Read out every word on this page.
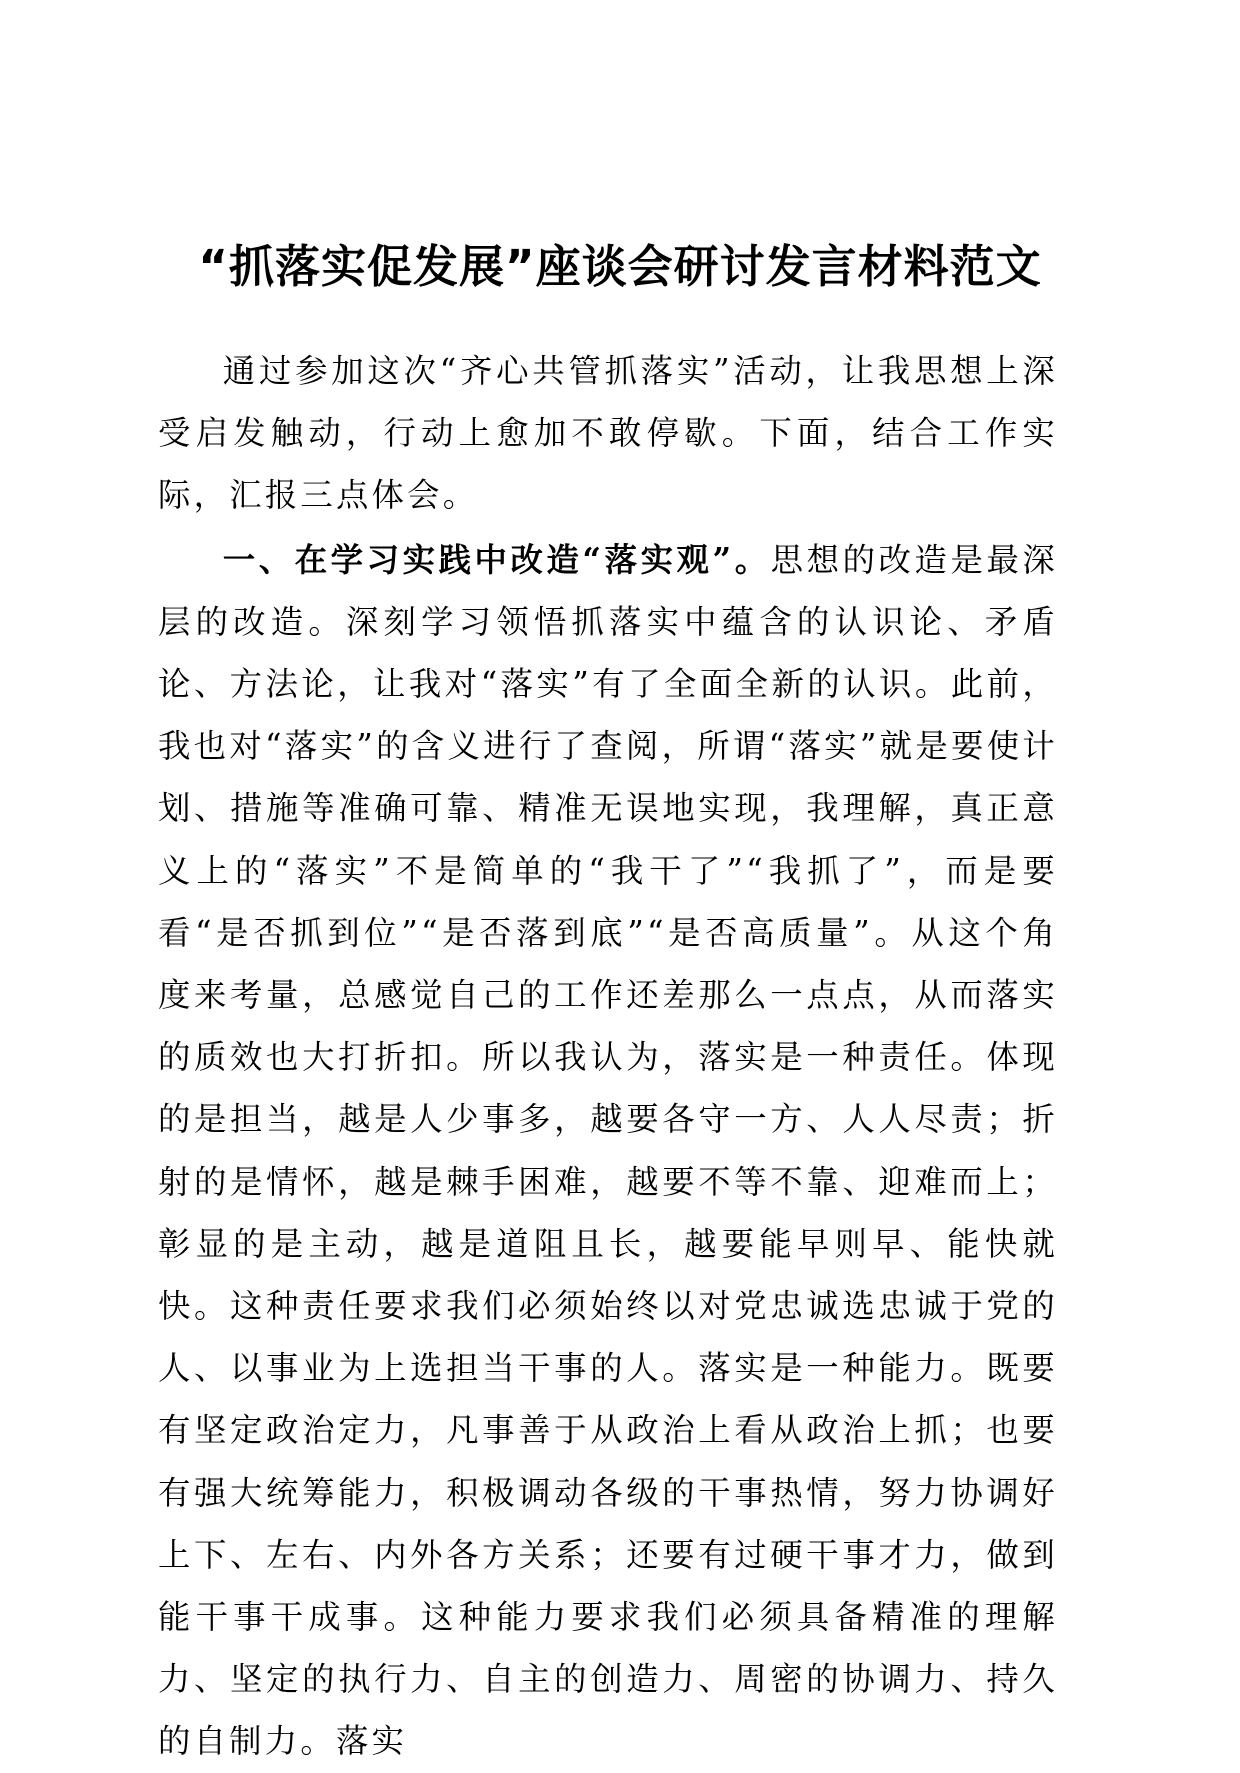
“抓落实促发展”座谈会研讨发言材料范文

通过参加这次“齐心共管抓落实”活动，让我思想上深受启发触动，行动上愈加不敢停歇。下面，结合工作实际，汇报三点体会。

一、在学习实践中改造“落实观”。思想的改造是最深层的改造。深刻学习领悟抓落实中蕴含的认识论、矛盾论、方法论，让我对“落实”有了全面全新的认识。此前，我也对“落实”的含义进行了查阅，所谓“落实”就是要使计划、措施等准确可靠、精准无误地实现，我理解，真正意义上的“落实”不是简单的“我干了”“我抓了”，而是要看“是否抓到位”“是否落到底”“是否高质量”。从这个角度来考量，总感觉自己的工作还差那么一点点，从而落实的质效也大打折扣。所以我认为，落实是一种责任。体现的是担当，越是人少事多，越要各守一方、人人尽责；折射的是情怀，越是棘手困难，越要不等不靠、迎难而上；彰显的是主动，越是道阻且长，越要能早则早、能快就快。这种责任要求我们必须始终以对党忠诚选忠诚于党的人、以事业为上选担当干事的人。落实是一种能力。既要有坚定政治定力，凡事善于从政治上看从政治上抓；也要有强大统筹能力，积极调动各级的干事热情，努力协调好上下、左右、内外各方关系；还要有过硬干事才力，做到能干事干成事。这种能力要求我们必须具备精准的理解力、坚定的执行力、自主的创造力、周密的协调力、持久的自制力。落实
